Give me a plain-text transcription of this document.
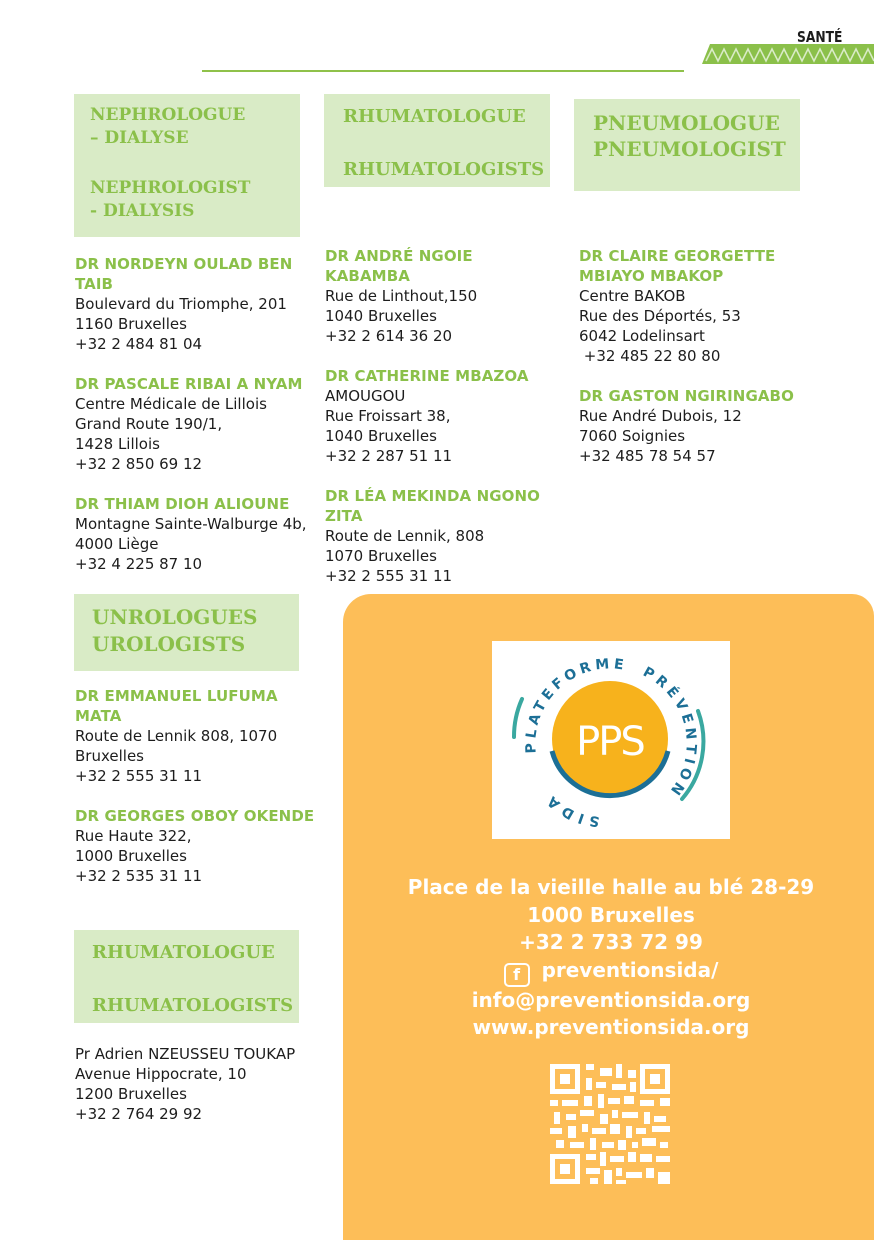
SANTÉ
NEPHROLOGUE
– DIALYSE
NEPHROLOGIST
- DIALYSIS
DR NORDEYN OULAD BEN
TAIB
Boulevard du Triomphe, 201
1160 Bruxelles
+32 2 484 81 04
DR PASCALE RIBAI A NYAM
Centre Médicale de Lillois
Grand Route 190/1,
1428 Lillois
+32 2 850 69 12
DR THIAM DIOH ALIOUNE
Montagne Sainte-Walburge 4b,
4000 Liège
+32 4 225 87 10
UNROLOGUES
UROLOGISTS
DR EMMANUEL LUFUMA
MATA
Route de Lennik 808, 1070
Bruxelles
+32 2 555 31 11
DR GEORGES OBOY OKENDE
Rue Haute 322,
1000 Bruxelles
+32 2 535 31 11
RHUMATOLOGUE
RHUMATOLOGISTS
Pr Adrien NZEUSSEU TOUKAP
Avenue Hippocrate, 10
1200 Bruxelles
+32 2 764 29 92
RHUMATOLOGUE
RHUMATOLOGISTS
DR ANDRÉ NGOIE
KABAMBA
Rue de Linthout,150
1040 Bruxelles
+32 2 614 36 20
DR CATHERINE MBAZOA
AMOUGOU
Rue Froissart 38,
1040 Bruxelles
+32 2 287 51 11
DR LÉA MEKINDA NGONO
ZITA
Route de Lennik, 808
1070 Bruxelles
+32 2 555 31 11
PNEUMOLOGUE
PNEUMOLOGIST
DR CLAIRE GEORGETTE
MBIAYO MBAKOP
Centre BAKOB
Rue des Déportés, 53
6042 Lodelinsart
+32 485 22 80 80
DR GASTON NGIRINGABO
Rue André Dubois, 12
7060 Soignies
+32 485 78 54 57
PLATEFORME PRÉVENTION
SIDA
PPS
Place de la vieille halle au blé 28-29
1000 Bruxelles
+32 2 733 72 99
f preventionsida/
info@preventionsida.org
www.preventionsida.org
